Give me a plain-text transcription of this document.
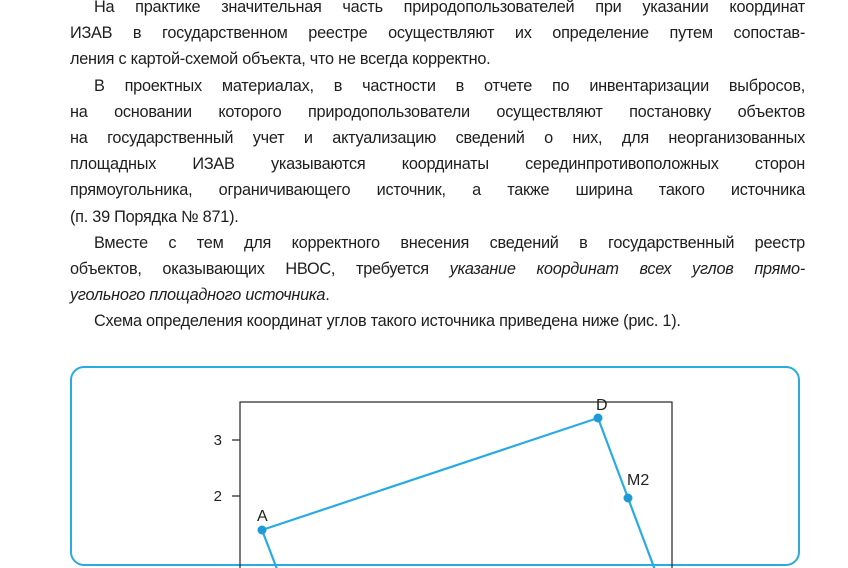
На практике значительная часть природопользователей при указании координат
ИЗАВ в государственном реестре осуществляют их определение путем сопостав-
ления с картой-схемой объекта, что не всегда корректно.

В проектных материалах, в частности в отчете по инвентаризации выбросов,
на основании которого природопользователи осуществляют постановку объектов
на государственный учет и актуализацию сведений о них, для неорганизованных
площадных ИЗАВ указываются координаты серединпротивоположных сторон
прямоугольника, ограничивающего источник, а также ширина такого источника
(п. 39 Порядка № 871).

Вместе с тем для корректного внесения сведений в государственный реестр
объектов, оказывающих НВОС, требуется указание координат всех углов прямо-
угольного площадного источника.

Схема определения координат углов такого источника приведена ниже (рис. 1).

3
2
A
D
M2
